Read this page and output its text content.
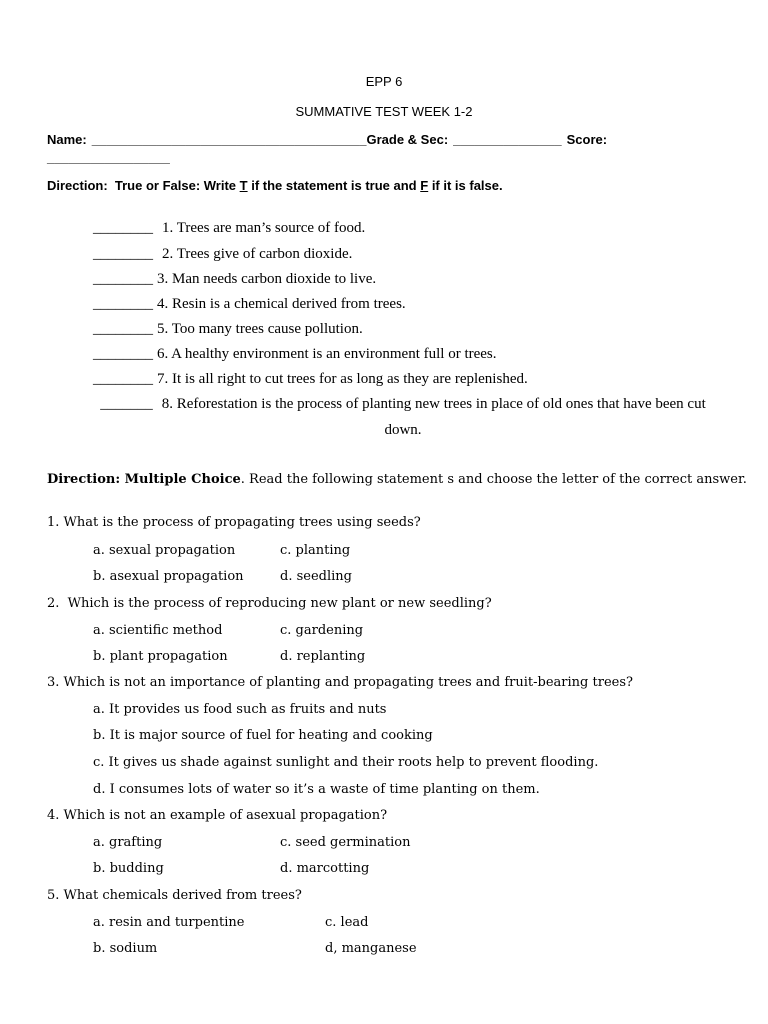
EPP 6
SUMMATIVE TEST WEEK 1-2
Name: ______________________________________Grade & Sec: _______________ Score:
_________________
Direction:  True or False: Write T if the statement is true and F if it is false.
________ 1. Trees are man’s source of food.
________ 2. Trees give of carbon dioxide.
________ 3. Man needs carbon dioxide to live.
________ 4. Resin is a chemical derived from trees.
________ 5. Too many trees cause pollution.
________ 6. A healthy environment is an environment full or trees.
________ 7. It is all right to cut trees for as long as they are replenished.
_______ 8. Reforestation is the process of planting new trees in place of old ones that have been cut down.
Direction: Multiple Choice. Read the following statement s and choose the letter of the correct answer.
1. What is the process of propagating trees using seeds?
a. sexual propagation	c. planting
b. asexual propagation	d. seedling
2.  Which is the process of reproducing new plant or new seedling?
a. scientific method	c. gardening
b. plant propagation	d. replanting
3. Which is not an importance of planting and propagating trees and fruit-bearing trees?
a. It provides us food such as fruits and nuts
b. It is major source of fuel for heating and cooking
c. It gives us shade against sunlight and their roots help to prevent flooding.
d. I consumes lots of water so it’s a waste of time planting on them.
4. Which is not an example of asexual propagation?
a. grafting	c. seed germination
b. budding	d. marcotting
5. What chemicals derived from trees?
a. resin and turpentine	c. lead
b. sodium	d, manganese
